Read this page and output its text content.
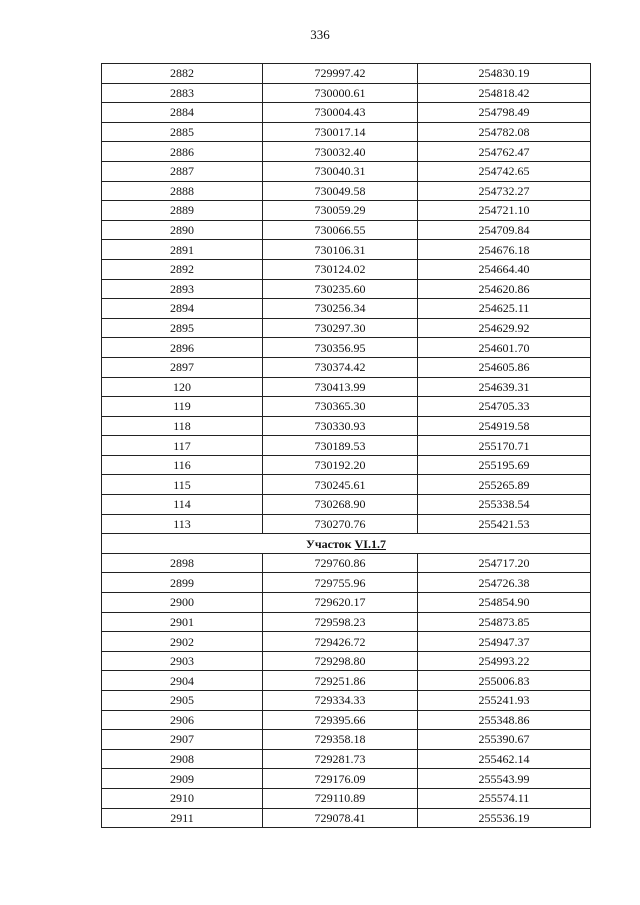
336
2882	729997.42	254830.19
2883	730000.61	254818.42
2884	730004.43	254798.49
2885	730017.14	254782.08
2886	730032.40	254762.47
2887	730040.31	254742.65
2888	730049.58	254732.27
2889	730059.29	254721.10
2890	730066.55	254709.84
2891	730106.31	254676.18
2892	730124.02	254664.40
2893	730235.60	254620.86
2894	730256.34	254625.11
2895	730297.30	254629.92
2896	730356.95	254601.70
2897	730374.42	254605.86
120	730413.99	254639.31
119	730365.30	254705.33
118	730330.93	254919.58
117	730189.53	255170.71
116	730192.20	255195.69
115	730245.61	255265.89
114	730268.90	255338.54
113	730270.76	255421.53
Участок VI.1.7		
2898	729760.86	254717.20
2899	729755.96	254726.38
2900	729620.17	254854.90
2901	729598.23	254873.85
2902	729426.72	254947.37
2903	729298.80	254993.22
2904	729251.86	255006.83
2905	729334.33	255241.93
2906	729395.66	255348.86
2907	729358.18	255390.67
2908	729281.73	255462.14
2909	729176.09	255543.99
2910	729110.89	255574.11
2911	729078.41	255536.19
